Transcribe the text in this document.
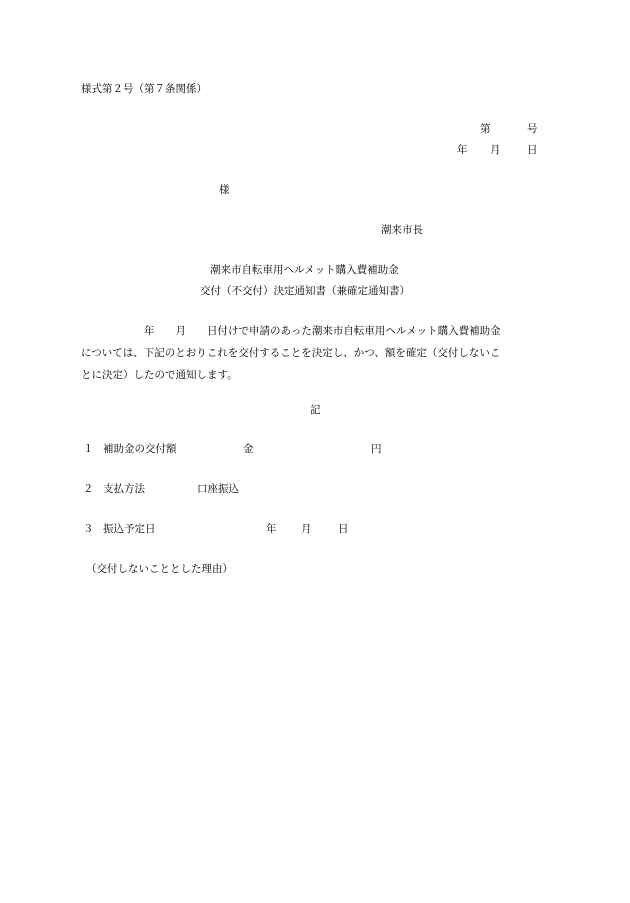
様式第２号（第７条関係）
第	号
年 月	日
様
潮来市長
潮来市自転車用ヘルメット購入費補助金
交付（不交付）決定通知書（兼確定通知書）
　　　　　　年　　月　　日付けで申請のあった潮来市自転車用ヘルメット購入費補助金
については、下記のとおりこれを交付することを決定し、かつ、額を確定（交付しないこ
とに決定）したので通知します。
記
１ 補助金の交付額	金	円
２ 支払方法	口座振込
３ 振込予定日	年 月	日
（交付しないこととした理由）
